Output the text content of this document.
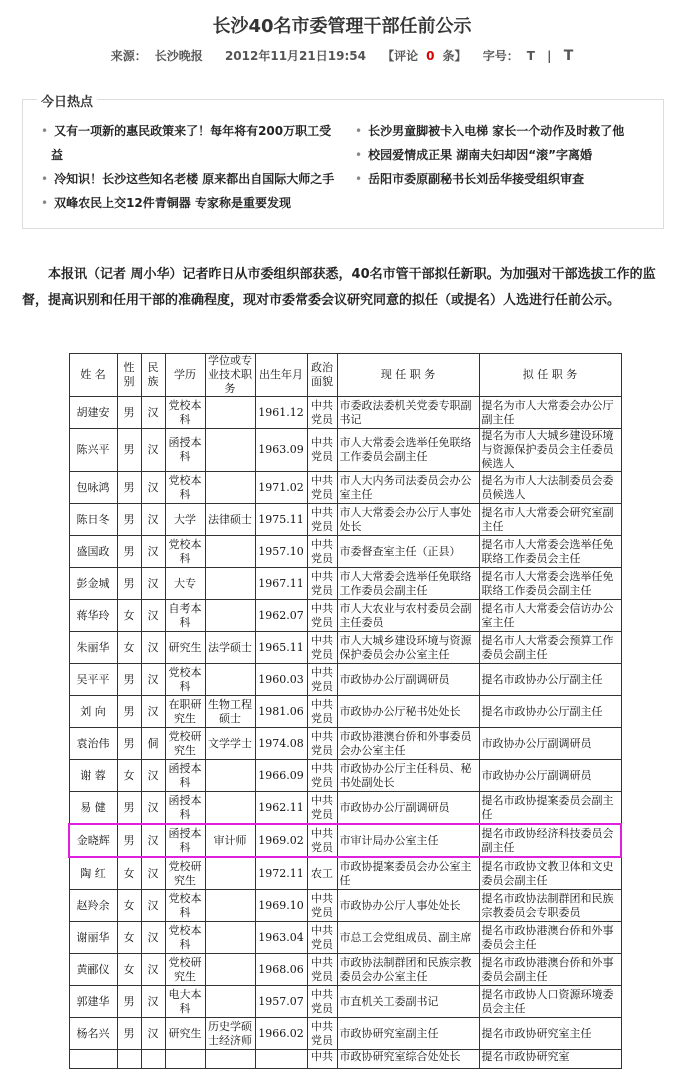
长沙40名市委管理干部任前公示
来源： 长沙晚报 2012年11月21日19:54 【评论 0 条】 字号： T | T
今日热点
• 又有一项新的惠民政策来了！每年将有200万职工受
益
• 冷知识！长沙这些知名老楼 原来都出自国际大师之手
• 双峰农民上交12件青铜器 专家称是重要发现
• 长沙男童脚被卡入电梯 家长一个动作及时救了他
• 校园爱情成正果 湖南夫妇却因“滚”字离婚
• 岳阳市委原副秘书长刘岳华接受组织审查
本报讯（记者 周小华）记者昨日从市委组织部获悉，40名市管干部拟任新职。为加强对干部选拔工作的监督，提高识别和任用干部的准确程度，现对市委常委会议研究同意的拟任（或提名）人选进行任前公示。
姓 名	性别	民族	学历	学位或专业技术职务	出生年月	政治面貌	现 任 职 务	拟 任 职 务
胡建安	男	汉	党校本科		1961.12	中共党员	市委政法委机关党委专职副书记	提名为市人大常委会办公厅副主任
陈兴平	男	汉	函授本科		1963.09	中共党员	市人大常委会选举任免联络工作委员会副主任	提名为市人大城乡建设环境与资源保护委员会主任委员候选人
包咏鸿	男	汉	党校本科		1971.02	中共党员	市人大内务司法委员会办公室主任	提名为市人大法制委员会委员候选人
陈日冬	男	汉	大学	法律硕士	1975.11	中共党员	市人大常委会办公厅人事处处长	提名市人大常委会研究室副主任
盛国政	男	汉	党校本科		1957.10	中共党员	市委督查室主任（正县）	提名市人大常委会选举任免联络工作委员会主任
彭金城	男	汉	大专		1967.11	中共党员	市人大常委会选举任免联络工作委员会副主任	提名市人大常委会选举任免联络工作委员会副主任
蒋华玲	女	汉	自考本科		1962.07	中共党员	市人大农业与农村委员会副主任委员	提名市人大常委会信访办公室主任
朱丽华	女	汉	研究生	法学硕士	1965.11	中共党员	市人大城乡建设环境与资源保护委员会办公室主任	提名市人大常委会预算工作委员会副主任
吴平平	男	汉	党校本科		1960.03	中共党员	市政协办公厅副调研员	提名市政协办公厅副主任
刘 向	男	汉	在职研究生	生物工程硕士	1981.06	中共党员	市政协办公厅秘书处处长	提名市政协办公厅副主任
袁治伟	男	侗	党校研究生	文学学士	1974.08	中共党员	市政协港澳台侨和外事委员会办公室主任	市政协办公厅副调研员
谢 蓉	女	汉	函授本科		1966.09	中共党员	市政协办公厅主任科员、秘书处副处长	市政协办公厅副调研员
易 健	男	汉	函授本科		1962.11	中共党员	市政协办公厅副调研员	提名市政协提案委员会副主任
金晓辉	男	汉	函授本科	审计师	1969.02	中共党员	市审计局办公室主任	提名市政协经济科技委员会副主任
陶 红	女	汉	党校研究生		1972.11	农工	市政协提案委员会办公室主任	提名市政协文教卫体和文史委员会副主任
赵羚余	女	汉	党校本科		1969.10	中共党员	市政协办公厅人事处处长	提名市政协法制群团和民族宗教委员会专职委员
谢丽华	女	汉	党校本科		1963.04	中共党员	市总工会党组成员、副主席	提名市政协港澳台侨和外事委员会主任
黄郦仪	女	汉	党校研究生		1968.06	中共党员	市政协法制群团和民族宗教委员会办公室主任	提名市政协港澳台侨和外事委员会副主任
郭建华	男	汉	电大本科		1957.07	中共党员	市直机关工委副书记	提名市政协人口资源环境委员会主任
杨名兴	男	汉	研究生	历史学硕士经济师	1966.02	中共党员	市政协研究室副主任	提名市政协研究室主任
						中共	市政协研究室综合处处长	提名市政协研究室
